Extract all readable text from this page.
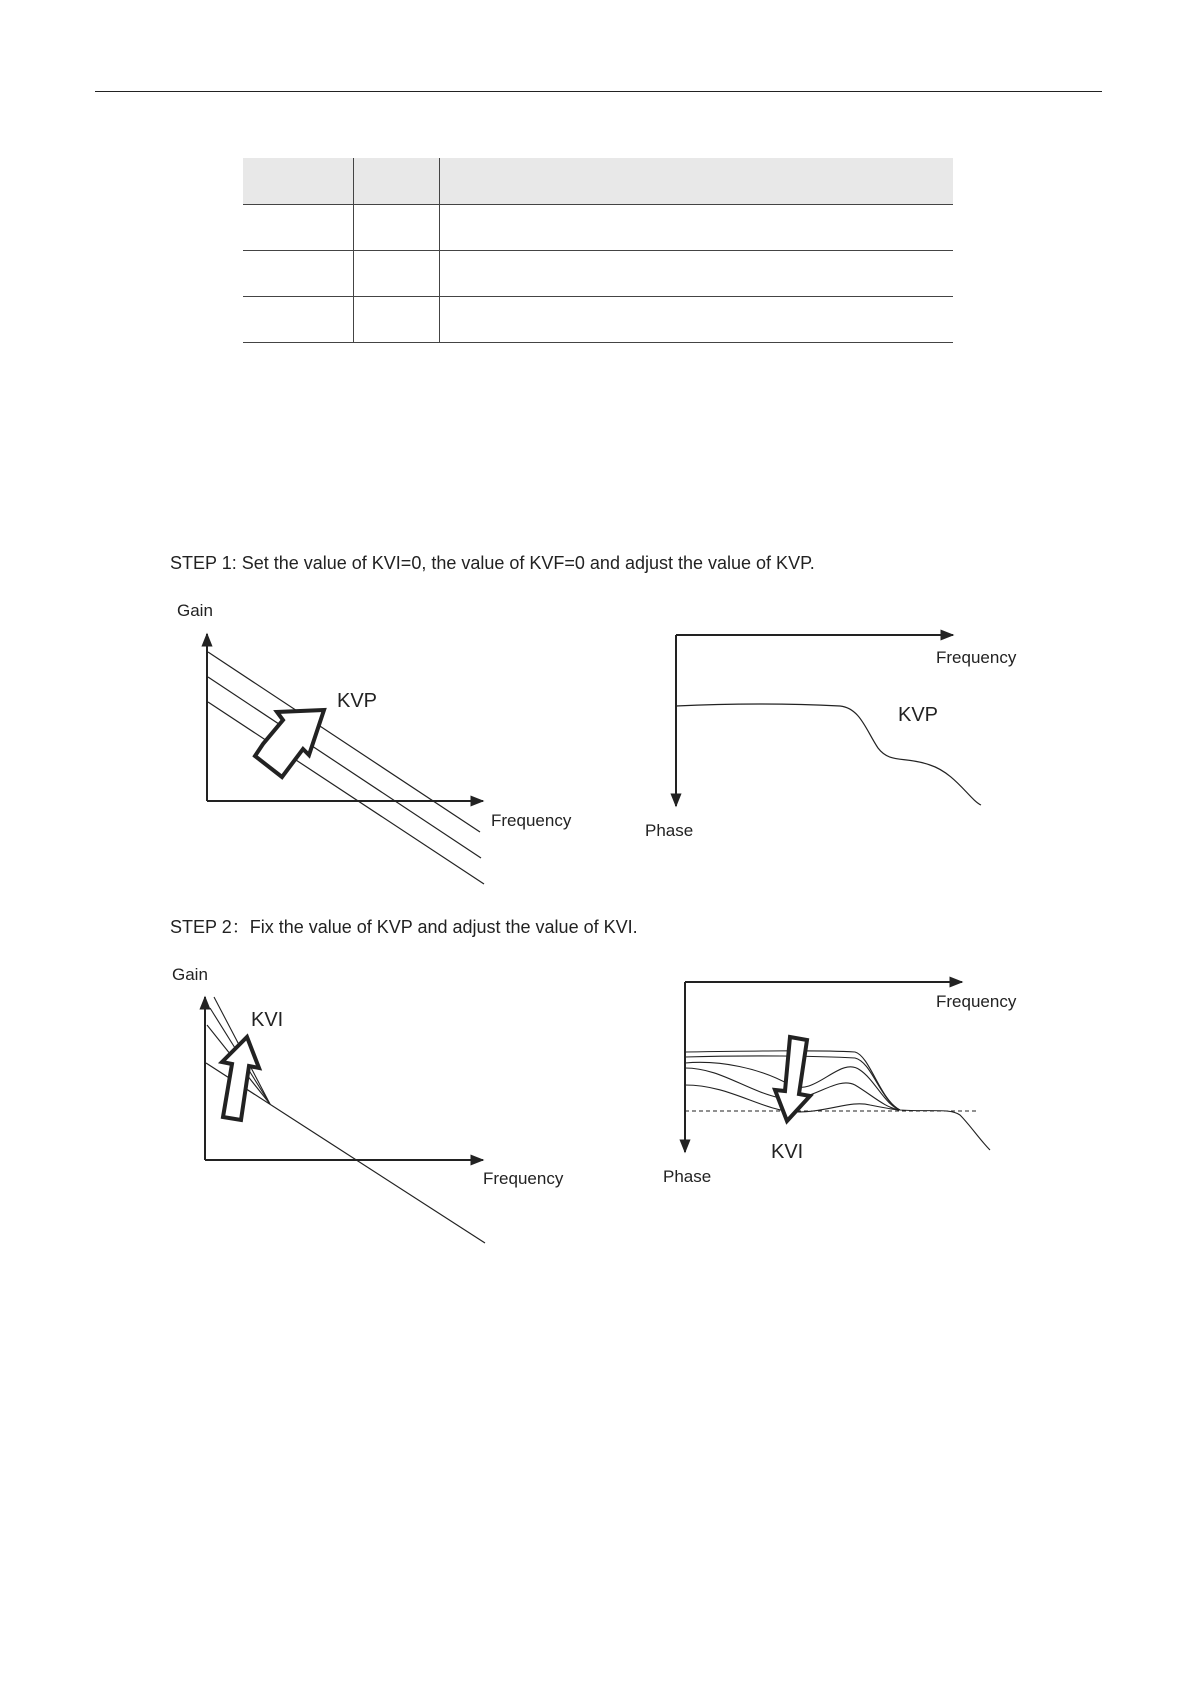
STEP 1: Set the value of KVI=0, the value of KVF=0 and adjust the value of KVP.
STEP 2：Fix the value of KVP and adjust the value of KVI.
Gain
Frequency
KVP
Frequency
Phase
KVP
Gain
Frequency
KVI
Frequency
Phase
KVI
